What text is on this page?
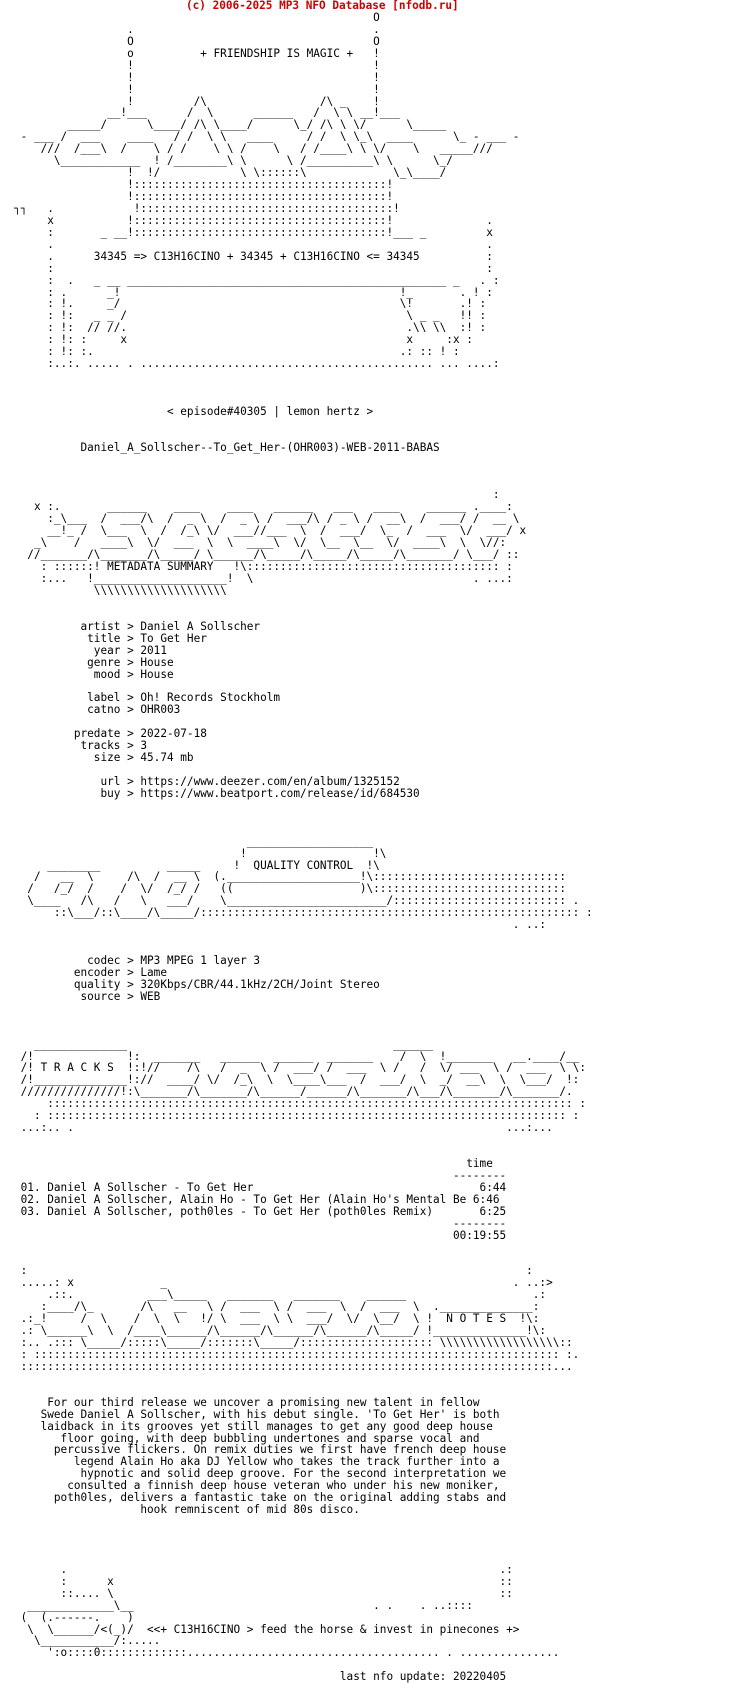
(c) 2006-2025 MP3 NFO Database [nfodb.ru]
O
.                                    .
O                                    O
o          + FRIENDSHIP IS MAGIC +   !
!                                    !
!                                    !
!                                    !
!         /\                 /\ _    !
__!___      /  \      ______   /  \ \ __!___
_____/      \____/ /\ \____/      \_/ /\ \ \/      \_____
- ___ /  ___    ____   / /  \ \   ____     / /  \ \_\  ____      \_ - ___ -
///  /___\  /    \ / /    \ \ /    \   / /____\ \ \/    \   _____///
\____________  ! /________\ \      \ /__________\ \      \_/
!  !/            \ \::::::\             \_\____/
!::::::::::::::::::::::::::::::::::::::!
!::::::::::::::::::::::::::::::::::::::!
┐┐   .            !::::::::::::::::::::::::::::::::::::::!
x           !::::::::::::::::::::::::::::::::::::::!              .
:       _ __!::::::::::::::::::::::::::::::::::::::!___ _         x
.                                                                 .
.      34345 => C13H16CINO + 34345 + C13H16CINO <= 34345          :
:                                                                 :
:  .   _ __ ________________________________________________ _   . :
: .      _!                                          !_       . ! :
: !.     _/                                          \!       .! :
: !:   _ _ /                                          \ _ _   !! :
: !:  // //.                                          .\\ \\  :! :
: !: :     x                                          x     :x :
: !: :.                                              .: :: ! :
:..:. ..... . ............................................ ... ....:
< episode#40305 | lemon hertz >
Daniel_A_Sollscher--To_Get_Her-(OHR003)-WEB-2011-BABAS
:
x :.       ______    ____    ____   ______   ___   ____    ______ .____:
:_\___  /  ___/\  /  _ \  /  _ \ /  ___/\ / _ \ /  __\  /  ___/ /  __ \
__!_ /  \___  \  /  /_\ \/  ___//___  \  /  ___/  \_  /  ___  \/  ___/ x
_\    /   ____\  \/  ___  \  \  ____\  \/  \__  \__  \/  ____\  \  \//:
//_______/\_______/\_____/ \______/\_____/\_____/\_____/\_______/ \___/ ::
: ::::::! METADATA SUMMARY   !\:::::::::::::::::::::::::::::::::::::: :
:...   !____________________!  \                                 . ...:
\\\\\\\\\\\\\\\\\\\\
artist > Daniel A Sollscher
title > To Get Her
year > 2011
genre > House
mood > House
label > Oh! Records Stockholm
catno > OHR003
predate > 2022-07-18
tracks > 3
size > 45.74 mb
url > https://www.deezer.com/en/album/1325152
buy > https://www.beatport.com/release/id/684530
___________________
!                   !\
________          _____     !  QUALITY CONTROL  !\
/   __  \     /\  /  __ \  (.____________________!\:::::::::::::::::::::::::::::
/   /_/  /    /  \/  /_/ /   ((                   )\:::::::::::::::::::::::::::::
\____   /\   /   \   ___/    \________________________/:::::::::::::::::::::::::: .
::\___/::\____/\_____/::::::::::::::::::::::::::::::::::::::::::::::::::::::::: :
. ..:
codec > MP3 MPEG 1 layer 3
encoder > Lame
quality > 320Kbps/CBR/44.1kHz/2CH/Joint Stereo
source > WEB
______________                                        ______
/!              !:  _______   ______  ______  _______    /  \  !_______   __.____/__
/! T R A C K S  !:!//    /\   /  _  \ /  ___/ /  ___  \ /   /  \/ ___  \ /  ___  \ \:
/!______________!://  ____/ \/  /_\  \  \____\___  /  ___/  \  _/  __\  \  \___/  !:
///////////////!:\_______/\_______/\______/______/\_______/\___/\_______/\_______/.
::::::::::::::::::::::::::::::::::::::::::::::::::::::::::::::::::::::::::::::: :
: :::::::::::::::::::::::::::::::::::::::::::::::::::::::::::::::::::::::::::::: :
...:.. .                                                                 ...:...
time
--------
01. Daniel A Sollscher - To Get Her                                  6:44
02. Daniel A Sollscher, Alain Ho - To Get Her (Alain Ho's Mental Be 6:46
03. Daniel A Sollscher, poth0les - To Get Her (poth0les Remix)       6:25
--------
00:19:55
:                                                                           :
.....: x             _                                                    . ..:>
.::.           ___\_____   _______   _______    ______                   .:
:____/\_       /\   __   \ /  ___  \ /  ___  \  /  ___  \  .______________:
.:_!     /  \    /  \  \   !/ \  ___  \ \  ___/  \/  \__/  \ !  N O T E S  !\:
.: \______\  \  /____\______/\______/\______/\______/\_____/ !______________!\:
:.. .::: \_____/:::::\_____/:::::::\_____/:::::::::::::::::::: \\\\\\\\\\\\\\\\\\::
: ::::::::::::::::::::::::::::::::::::::::::::::::::::::::::::::::::::::::::::::: :.
::::::::::::::::::::::::::::::::::::::::::::::::::::::::::::::::::::::::::::::::...
For our third release we uncover a promising new talent in fellow
Swede Daniel A Sollscher, with his debut single. 'To Get Her' is both
laidback in its grooves yet still manages to get any good deep house
floor going, with deep bubbling undertones and sparse vocal and
percussive flickers. On remix duties we first have french deep house
legend Alain Ho aka DJ Yellow who takes the track further into a
hypnotic and solid deep groove. For the second interpretation we
consulted a finnish deep house veteran who under his new moniker,
poth0les, delivers a fantastic take on the original adding stabs and
hook remniscent of mid 80s disco.
.                                                                 .:
:      x                                                          ::
::.... \                                                          ::
_____________\__                                    . .    . ..::::
(  (.------.    )
\  \______/<(_)/  <<+ C13H16CINO > feed the horse & invest in pinecones +>
\___________/:.....
':o::::0:::::::::::::...................................... . ...............
last nfo update: 20220405
